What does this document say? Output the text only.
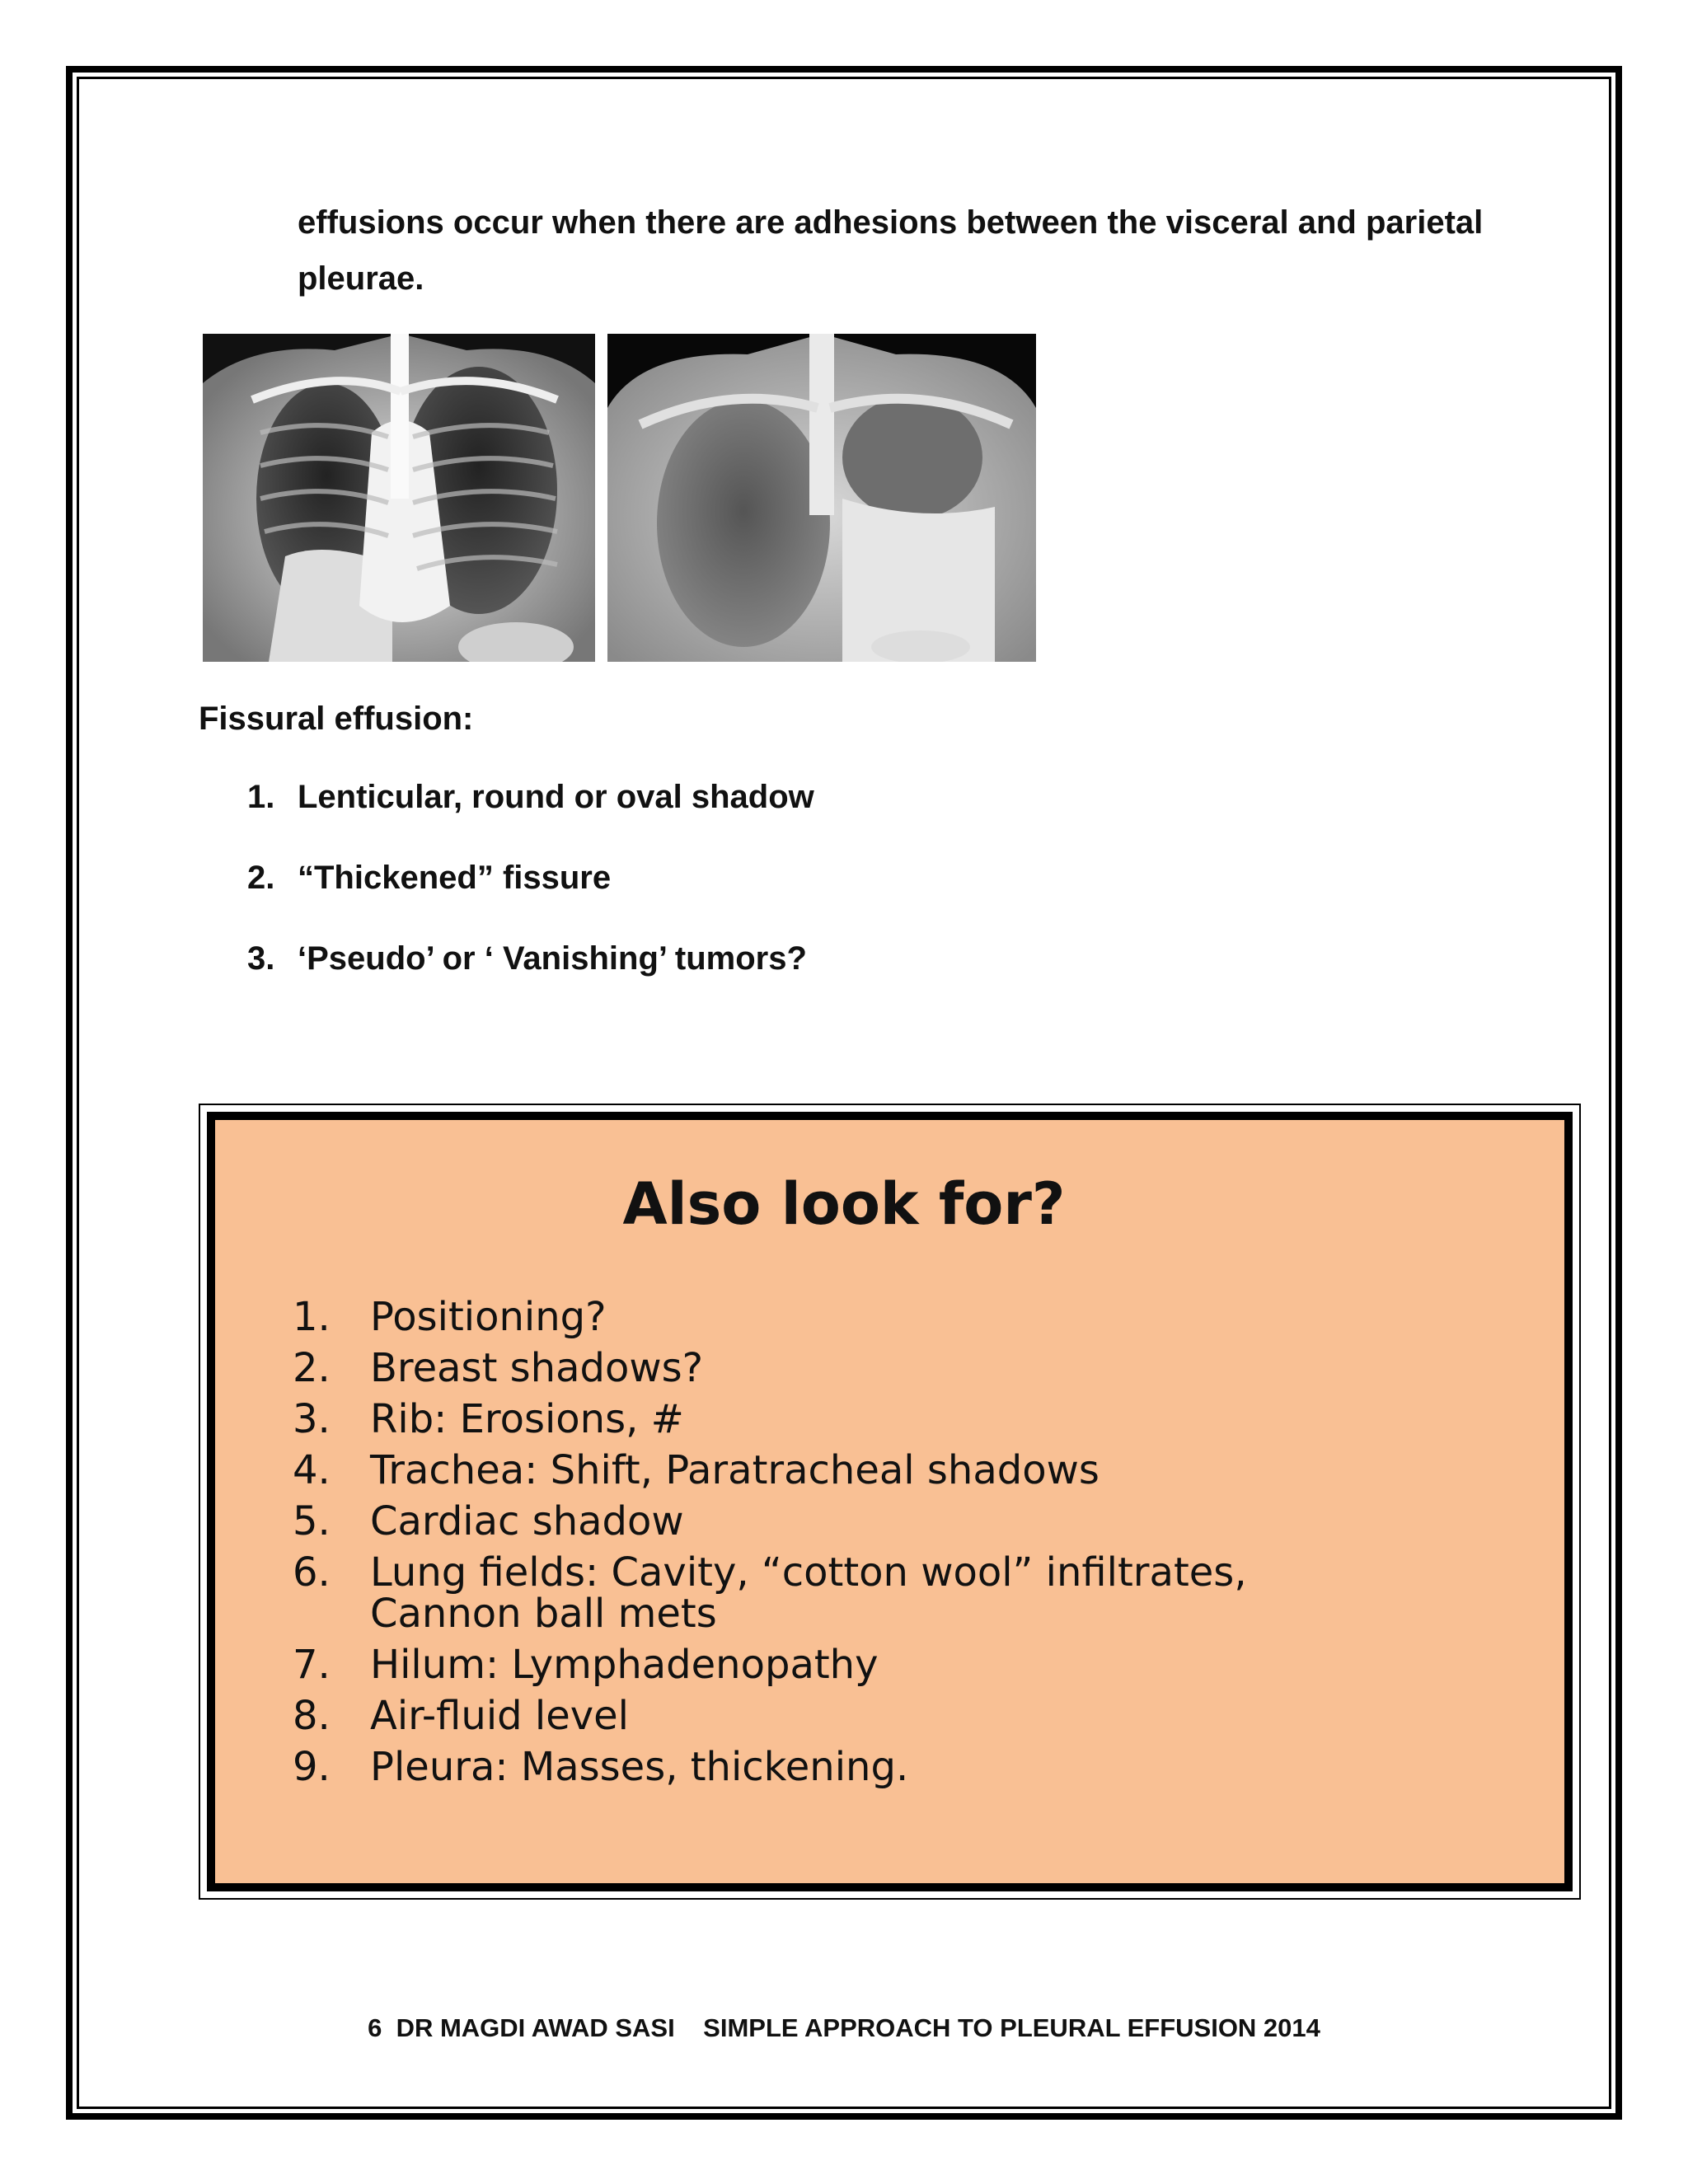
effusions occur when there are adhesions between the visceral and parietal pleurae.
Fissural effusion:
1. Lenticular, round or oval shadow
2. “Thickened” fissure
3. ‘Pseudo’ or ‘ Vanishing’ tumors?
Also look for?
1. Positioning?
2. Breast shadows?
3. Rib: Erosions, #
4. Trachea: Shift, Paratracheal shadows
5. Cardiac shadow
6. Lung fields: Cavity, “cotton wool” infiltrates,
Cannon ball mets
7. Hilum: Lymphadenopathy
8. Air-fluid level
9. Pleura: Masses, thickening.
6  DR MAGDI AWAD SASI    SIMPLE APPROACH TO PLEURAL EFFUSION 2014
